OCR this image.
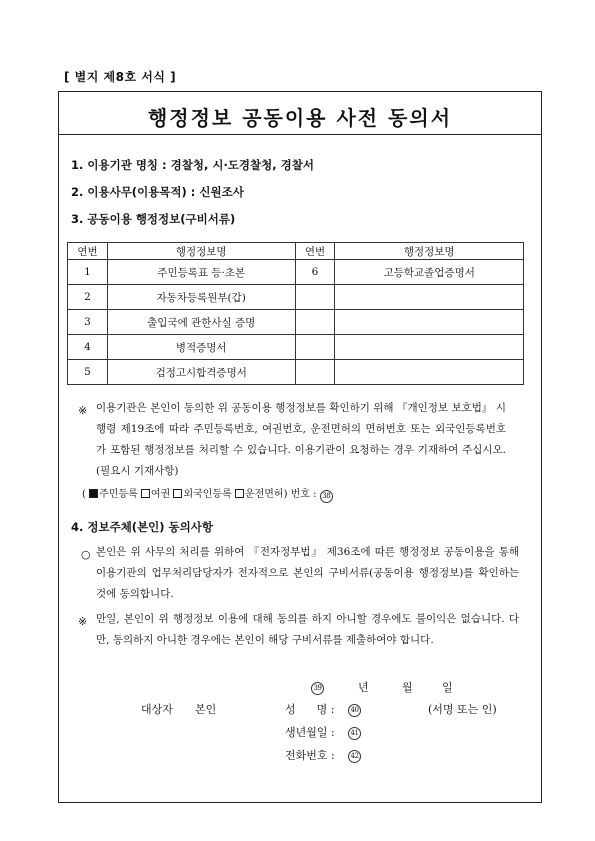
[ 별지 제8호 서식 ]
행정정보 공동이용 사전 동의서
1. 이용기관 명칭 : 경찰청, 시·도경찰청, 경찰서
2. 이용사무(이용목적) : 신원조사
3. 공동이용 행정정보(구비서류)
연번	행정정보명	연번	행정정보명
1	주민등록표 등·초본	6	고등학교졸업증명서
2	자동차등록원부(갑)		
3	출입국에 관한사실 증명		
4	병적증명서		
5	검정고시합격증명서		
※ 이용기관은 본인이 동의한 위 공동이용 행정정보를 확인하기 위해 『개인정보 보호법』 시행령 제19조에 따라 주민등록번호, 여권번호, 운전면허의 면허번호 또는 외국인등록번호가 포함된 행정정보를 처리할 수 있습니다. 이용기관이 요청하는 경우 기재하여 주십시오.(필요시 기재사항)
( 주민등록 여권 외국인등록 운전면허) 번호 : 38
4. 정보주체(본인) 동의사항
○ 본인은 위 사무의 처리를 위하여 『전자정부법』 제36조에 따른 행정정보 공동이용을 통해 이용기관의 업무처리담당자가 전자적으로 본인의 구비서류(공동이용 행정정보)를 확인하는 것에 동의합니다.
※ 만일, 본인이 위 행정정보 이용에 대해 동의를 하지 아니할 경우에도 불이익은 없습니다. 다만, 동의하지 아니한 경우에는 본인이 해당 구비서류를 제출하여야 합니다.
39	년	월	일
대상자 본인	성      명 :	40	(서명 또는 인)
생년월일 :	41
전화번호 :	42
